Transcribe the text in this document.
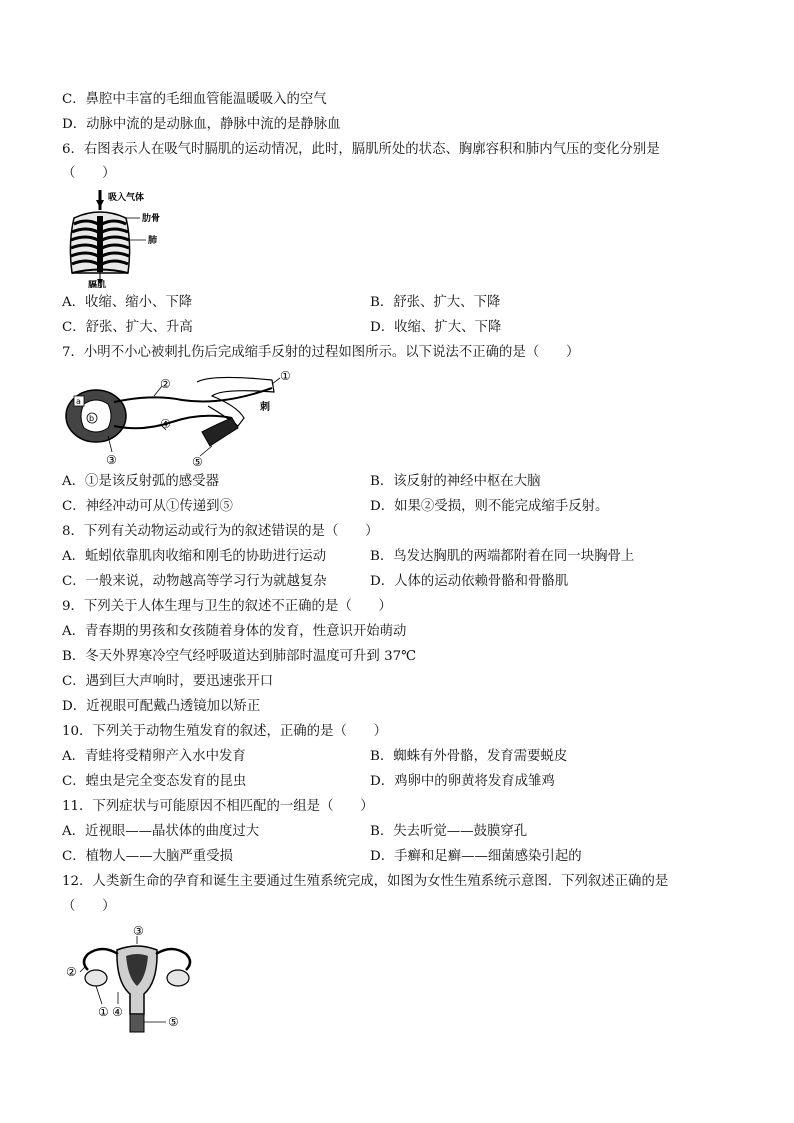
C．鼻腔中丰富的毛细血管能温暖吸入的空气
D．动脉中流的是动脉血，静脉中流的是静脉血
6．右图表示人在吸气时膈肌的运动情况，此时，膈肌所处的状态、胸廓容积和肺内气压的变化分别是
（　　）
吸入气体
肋骨
肺
膈肌
A．收缩、缩小、下降	B．舒张、扩大、下降
C．舒张、扩大、升高	D．收缩、扩大、下降
7．小明不小心被刺扎伤后完成缩手反射的过程如图所示。以下说法不正确的是（　　）
a
b
①
②
③
④
⑤
刺
A．①是该反射弧的感受器	B．该反射的神经中枢在大脑
C．神经冲动可从①传递到⑤	D．如果②受损，则不能完成缩手反射。
8．下列有关动物运动或行为的叙述错误的是（　　）
A．蚯蚓依靠肌肉收缩和刚毛的协助进行运动	B．鸟发达胸肌的两端都附着在同一块胸骨上
C．一般来说，动物越高等学习行为就越复杂	D．人体的运动依赖骨骼和骨骼肌
9．下列关于人体生理与卫生的叙述不正确的是（　　）
A．青春期的男孩和女孩随着身体的发育，性意识开始萌动
B．冬天外界寒冷空气经呼吸道达到肺部时温度可升到 37℃
C．遇到巨大声响时，要迅速张开口
D．近视眼可配戴凸透镜加以矫正
10．下列关于动物生殖发育的叙述，正确的是（　　）
A．青蛙将受精卵产入水中发育	B．蜘蛛有外骨骼，发育需要蜕皮
C．蝗虫是完全变态发育的昆虫	D．鸡卵中的卵黄将发育成雏鸡
11．下列症状与可能原因不相匹配的一组是（　　）
A．近视眼——晶状体的曲度过大	B．失去听觉——鼓膜穿孔
C．植物人——大脑严重受损	D．手癣和足癣——细菌感染引起的
12．人类新生命的孕育和诞生主要通过生殖系统完成，如图为女性生殖系统示意图．下列叙述正确的是
（　　）
③
②
① ④
⑤
